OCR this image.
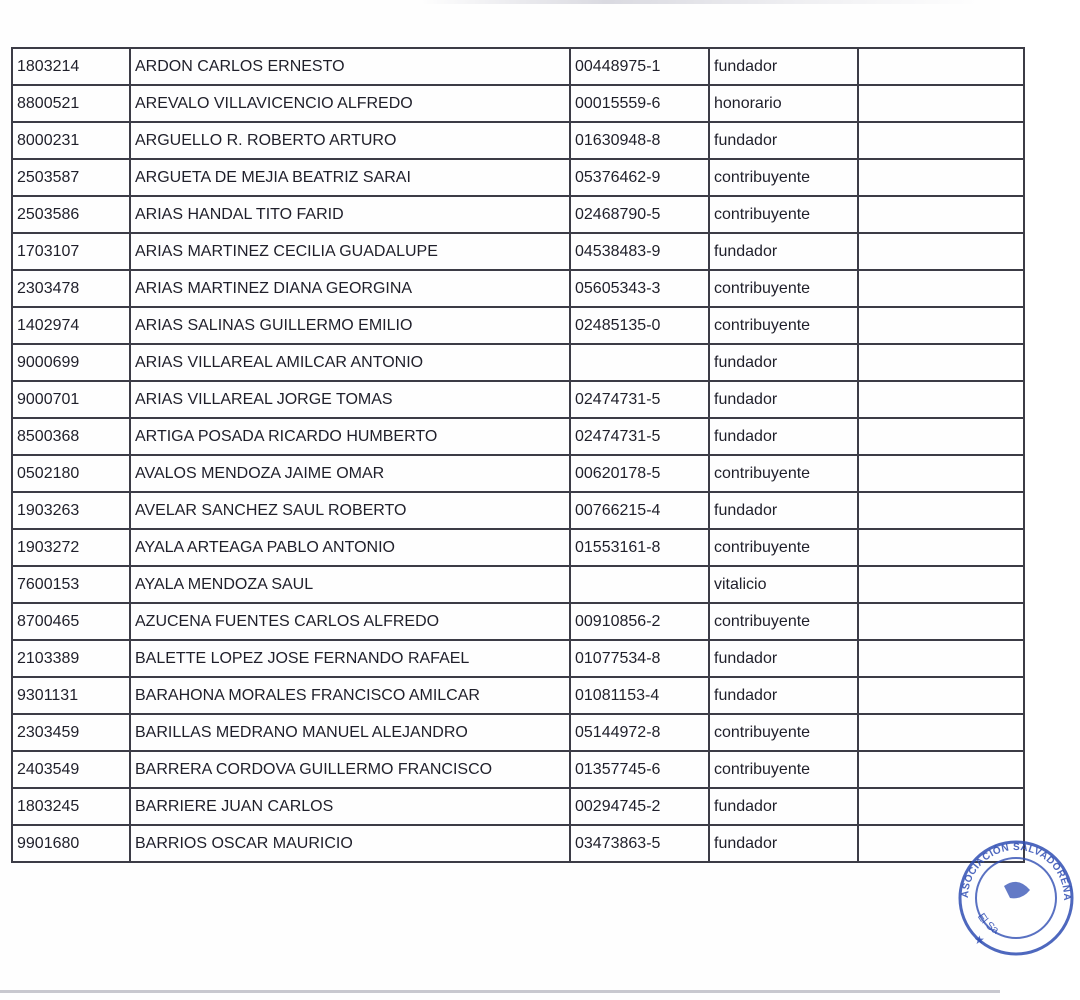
1803214	ARDON CARLOS ERNESTO	00448975-1	fundador	
8800521	AREVALO VILLAVICENCIO ALFREDO	00015559-6	honorario	
8000231	ARGUELLO R. ROBERTO ARTURO	01630948-8	fundador	
2503587	ARGUETA DE MEJIA BEATRIZ SARAI	05376462-9	contribuyente	
2503586	ARIAS HANDAL TITO FARID	02468790-5	contribuyente	
1703107	ARIAS MARTINEZ CECILIA GUADALUPE	04538483-9	fundador	
2303478	ARIAS MARTINEZ DIANA GEORGINA	05605343-3	contribuyente	
1402974	ARIAS SALINAS GUILLERMO EMILIO	02485135-0	contribuyente	
9000699	ARIAS VILLAREAL AMILCAR ANTONIO		fundador	
9000701	ARIAS VILLAREAL JORGE TOMAS	02474731-5	fundador	
8500368	ARTIGA POSADA RICARDO HUMBERTO	02474731-5	fundador	
0502180	AVALOS MENDOZA JAIME OMAR	00620178-5	contribuyente	
1903263	AVELAR SANCHEZ SAUL ROBERTO	00766215-4	fundador	
1903272	AYALA ARTEAGA PABLO ANTONIO	01553161-8	contribuyente	
7600153	AYALA MENDOZA SAUL		vitalicio	
8700465	AZUCENA FUENTES CARLOS ALFREDO	00910856-2	contribuyente	
2103389	BALETTE LOPEZ JOSE FERNANDO RAFAEL	01077534-8	fundador	
9301131	BARAHONA MORALES FRANCISCO AMILCAR	01081153-4	fundador	
2303459	BARILLAS MEDRANO MANUEL ALEJANDRO	05144972-8	contribuyente	
2403549	BARRERA CORDOVA GUILLERMO FRANCISCO	01357745-6	contribuyente	
1803245	BARRIERE JUAN CARLOS	00294745-2	fundador	
9901680	BARRIOS OSCAR MAURICIO	03473863-5	fundador	
ASOCIACIÓN SALVADOREÑA
El Sa
★
